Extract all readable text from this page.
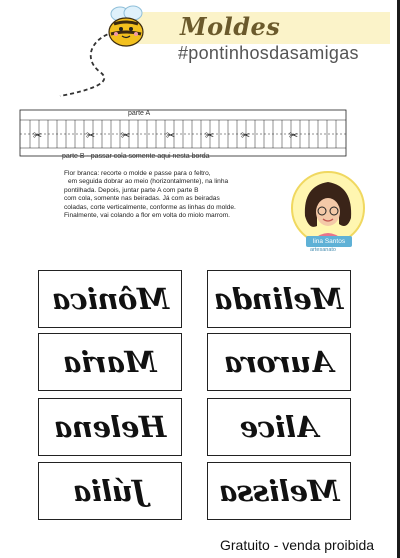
Moldes
#pontinhosdasamigas
✂	✂ ✂	✂	✂ ✂	✂
parte A
parte B - passar cola somente aqui nesta borda

Flor branca: recorte o molde e passe para o feltro,

em seguida dobrar ao meio (horizontalmente), na linha

pontilhada. Depois, juntar parte A com parte B

com cola, somente nas beiradas. Já com as beiradas

coladas, corte verticalmente, conforme as linhas do molde.

Finalmente, vai colando a flor em volta do miolo marrom.

lina Santos
artesanato
Mônica
Maria
Helena
Júlia
Melinda
Aurora
Alice
Melissa
Gratuito - venda proibida
